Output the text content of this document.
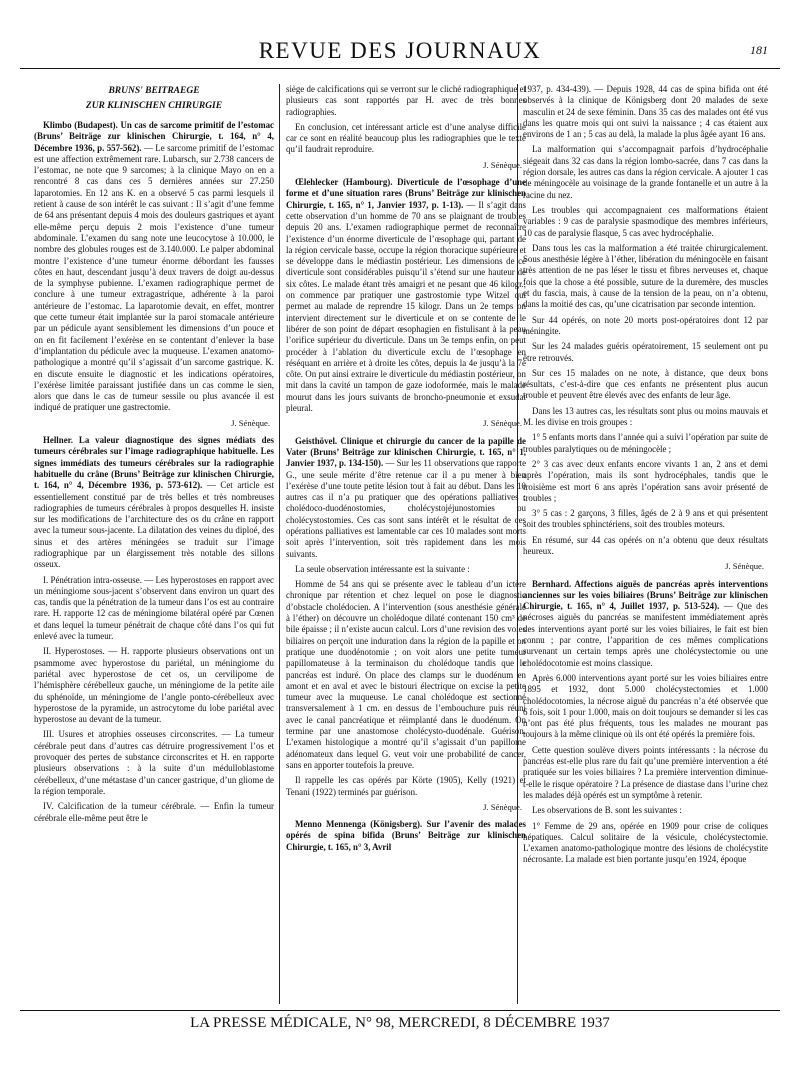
REVUE DES JOURNAUX	181
BRUNS' BEITRAEGE
ZUR KLINISCHEN CHIRURGIE

Klimbo (Budapest). Un cas de sarcome primitif de l’estomac (Bruns’ Beiträge zur klinischen Chirurgie, t. 164, n° 4, Décembre 1936, p. 557-562). — Le sarcome primitif de l’estomac est une affection extrêmement rare. Lubarsch, sur 2.738 cancers de l’estomac, ne note que 9 sarcomes; à la clinique Mayo on en a rencontré 8 cas dans ces 5 dernières années sur 27.250 laparotomies. En 12 ans K. en a observé 5 cas parmi lesquels il retient à cause de son intérêt le cas suivant : Il s’agit d’une femme de 64 ans présentant depuis 4 mois des douleurs gastriques et ayant elle-même perçu depuis 2 mois l’existence d’une tumeur abdominale. L’examen du sang note une leucocytose à 10.000, le nombre des globules rouges est de 3.140.000. Le palper abdominal montre l’existence d’une tumeur énorme débordant les fausses côtes en haut, descendant jusqu’à deux travers de doigt au-dessus de la symphyse pubienne. L’examen radiographique permet de conclure à une tumeur extragastrique, adhérente à la paroi antérieure de l’estomac. La laparotomie devait, en effet, montrer que cette tumeur était implantée sur la paroi stomacale antérieure par un pédicule ayant sensiblement les dimensions d’un pouce et on en fit facilement l’exérèse en se contentant d’enlever la base d’implantation du pédicule avec la muqueuse. L’examen anatomo-pathologique a montré qu’il s’agissait d’un sarcome gastrique. K. en discute ensuite le diagnostic et les indications opératoires, l’exérèse limitée paraissant justifiée dans un cas comme le sien, alors que dans le cas de tumeur sessile ou plus avancée il est indiqué de pratiquer une gastrectomie.

J. Sénèque.

Hellner. La valeur diagnostique des signes médiats des tumeurs cérébrales sur l’image radiographique habituelle. Les signes immédiats des tumeurs cérébrales sur la radiographie habituelle du crâne (Bruns’ Beiträge zur klinischen Chirurgie, t. 164, n° 4, Décembre 1936, p. 573-612). — Cet article est essentiellement constitué par de très belles et très nombreuses radiographies de tumeurs cérébrales à propos desquelles H. insiste sur les modifications de l’architecture des os du crâne en rapport avec la tumeur sous-jacente. La dilatation des veines du diploé, des sinus et des artères méningées se traduit sur l’image radiographique par un élargissement très notable des sillons osseux.

I. Pénétration intra-osseuse. — Les hyperostoses en rapport avec un méningiome sous-jacent s’observent dans environ un quart des cas, tandis que la pénétration de la tumeur dans l’os est au contraire rare. H. rapporte 12 cas de méningiome bilatéral opéré par Cœnen et dans lequel la tumeur pénétrait de chaque côté dans l’os qui fut enlevé avec la tumeur.

II. Hyperostoses. — H. rapporte plusieurs observations ont un psammome avec hyperostose du pariétal, un méningiome du pariétal avec hyperostose de cet os, un cervilipome de l’hémisphère cérébelleux gauche, un méningiome de la petite aile du sphénoïde, un méningiome de l’angle ponto-cérébelleux avec hyperostose de la pyramide, un astrocytome du lobe pariétal avec hyperostose au devant de la tumeur.

III. Usures et atrophies osseuses circonscrites. — La tumeur cérébrale peut dans d’autres cas détruire progressivement l’os et provoquer des pertes de substance circonscrites et H. en rapporte plusieurs observations : à la suite d’un médulloblastome cérébelleux, d’une métastase d’un cancer gastrique, d’un gliome de la région temporale.

IV. Calcification de la tumeur cérébrale. — Enfin la tumeur cérébrale elle-même peut être le

siège de calcifications qui se verront sur le cliché radiographique et plusieurs cas sont rapportés par H. avec de très bonnes radiographies.

En conclusion, cet intéressant article est d’une analyse difficile car ce sont en réalité beaucoup plus les radiographies que le texte qu’il faudrait reproduire.

J. Sénèque.

Œlehlecker (Hambourg). Diverticule de l’œsophage d’une forme et d’une situation rares (Bruns’ Beiträge zur klinischen Chirurgie, t. 165, n° 1, Janvier 1937, p. 1-13). — Il s’agit dans cette observation d’un homme de 70 ans se plaignant de troubles depuis 20 ans. L’examen radiographique permet de reconnaître l’existence d’un énorme diverticule de l’œsophage qui, partant de la région cervicale basse, occupe la région thoracique supérieure et se développe dans le médiastin postérieur. Les dimensions de ce diverticule sont considérables puisqu’il s’étend sur une hauteur de six côtes. Le malade étant très amaigri et ne pesant que 46 kilogr., on commence par pratiquer une gastrostomie type Witzel qui permet au malade de reprendre 15 kilogr. Dans un 2e temps on intervient directement sur le diverticule et on se contente de le libérer de son point de départ œsophagien en fistulisant à la peau l’orifice supérieur du diverticule. Dans un 3e temps enfin, on peut procéder à l’ablation du diverticule exclu de l’œsophage en réséquant en arrière et à droite les côtes, depuis la 4e jusqu’à la 7e côte. On put ainsi extraire le diverticule du médiastin postérieur, on mit dans la cavité un tampon de gaze iodoformée, mais le malade mourut dans les jours suivants de broncho-pneumonie et exsudat pleural.

J. Sénèque.

Geisthövel. Clinique et chirurgie du cancer de la papille de Vater (Bruns’ Beiträge zur klinischen Chirurgie, t. 165, n° 1, Janvier 1937, p. 134-150). — Sur les 11 observations que rapporte G., une seule mérite d’être retenue car il a pu mener à bien l’exérèse d’une toute petite lésion tout à fait au début. Dans les 10 autres cas il n’a pu pratiquer que des opérations palliatives : cholédoco-duodénostomies, cholécystojéjunostomies ou cholécystostomies. Ces cas sont sans intérêt et le résultat de ces opérations palliatives est lamentable car ces 10 malades sont morts soit après l’intervention, soit très rapidement dans les mois suivants.

La seule observation intéressante est la suivante :

Homme de 54 ans qui se présente avec le tableau d’un ictère chronique par rétention et chez lequel on pose le diagnostic d’obstacle cholédocien. A l’intervention (sous anesthésie générale à l’éther) on découvre un cholédoque dilaté contenant 150 cm³ de bile épaisse ; il n’existe aucun calcul. Lors d’une revision des voies biliaires on perçoit une induration dans la région de la papille et on pratique une duodénotomie ; on voit alors une petite tumeur papillomateuse à la terminaison du cholédoque tandis que le pancréas est induré. On place des clamps sur le duodénum en amont et en aval et avec le bistouri électrique on excise la petite tumeur avec la muqueuse. Le canal cholédoque est sectionné transversalement à 1 cm. en dessus de l’embouchure puis réuni avec le canal pancréatique et réimplanté dans le duodénum. On termine par une anastomose cholécysto-duodénale. Guérison. L’examen histologique a montré qu’il s’agissait d’un papillome adénomateux dans lequel G. veut voir une probabilité de cancer, sans en apporter toutefois la preuve.

Il rappelle les cas opérés par Körte (1905), Kelly (1921) et Tenani (1922) terminés par guérison.

J. Sénèque.

Menno Mennenga (Königsberg). Sur l’avenir des malades opérés de spina bifida (Bruns’ Beiträge zur klinischen Chirurgie, t. 165, n° 3, Avril

1937, p. 434-439). — Depuis 1928, 44 cas de spina bifida ont été observés à la clinique de Königsberg dont 20 malades de sexe masculin et 24 de sexe féminin. Dans 35 cas des malades ont été vus dans les quatre mois qui ont suivi la naissance ; 4 cas étaient aux environs de 1 an ; 5 cas au delà, la malade la plus âgée ayant 16 ans.

La malformation qui s’accompagnait parfois d’hydrocéphalie siégeait dans 32 cas dans la région lombo-sacrée, dans 7 cas dans la région dorsale, les autres cas dans la région cervicale. A ajouter 1 cas de méningocèle au voisinage de la grande fontanelle et un autre à la racine du nez.

Les troubles qui accompagnaient ces malformations étaient variables : 9 cas de paralysie spasmodique des membres inférieurs, 10 cas de paralysie flasque, 5 cas avec hydrocéphalie.

Dans tous les cas la malformation a été traitée chirurgicalement. Sous anesthésie légère à l’éther, libération du méningocèle en faisant très attention de ne pas léser le tissu et fibres nerveuses et, chaque fois que la chose a été possible, suture de la duremère, des muscles et du fascia, mais, à cause de la tension de la peau, on n’a obtenu, dans la moitié des cas, qu’une cicatrisation par seconde intention.

Sur 44 opérés, on note 20 morts post-opératoires dont 12 par méningite.

Sur les 24 malades guéris opératoirement, 15 seulement ont pu être retrouvés.

Sur ces 15 malades on ne note, à distance, que deux bons résultats, c’est-à-dire que ces enfants ne présentent plus aucun trouble et peuvent être élevés avec des enfants de leur âge.

Dans les 13 autres cas, les résultats sont plus ou moins mauvais et M. les divise en trois groupes :

1° 5 enfants morts dans l’année qui a suivi l’opération par suite de troubles paralytiques ou de méningocèle ;

2° 3 cas avec deux enfants encore vivants 1 an, 2 ans et demi après l’opération, mais ils sont hydrocéphales, tandis que le troisième est mort 6 ans après l’opération sans avoir présenté de troubles ;

3° 5 cas : 2 garçons, 3 filles, âgés de 2 à 9 ans et qui présentent soit des troubles sphinctériens, soit des troubles moteurs.

En résumé, sur 44 cas opérés on n’a obtenu que deux résultats heureux.

J. Sénèque.

Bernhard. Affections aiguës de pancréas après interventions anciennes sur les voies biliaires (Bruns’ Beiträge zur klinischen Chirurgie, t. 165, n° 4, Juillet 1937, p. 513-524). — Que des nécroses aiguës du pancréas se manifestent immédiatement après des interventions ayant porté sur les voies biliaires, le fait est bien connu ; par contre, l’apparition de ces mêmes complications survenant un certain temps après une cholécystectomie ou une cholédocotomie est moins classique.

Après 6.000 interventions ayant porté sur les voies biliaires entre 1895 et 1932, dont 5.000 cholécystectomies et 1.000 cholédocotomies, la nécrose aiguë du pancréas n’a été observée que 6 fois, soit 1 pour 1.000, mais on doit toujours se demander si les cas n’ont pas été plus fréquents, tous les malades ne mourant pas toujours à la même clinique où ils ont été opérés la première fois.

Cette question soulève divers points intéressants : la nécrose du pancréas est-elle plus rare du fait qu’une première intervention a été pratiquée sur les voies biliaires ? La première intervention diminue-t-elle le risque opératoire ? La présence de diastase dans l’urine chez les malades déjà opérés est un symptôme à retenir.

Les observations de B. sont les suivantes :

1° Femme de 29 ans, opérée en 1909 pour crise de coliques hépatiques. Calcul solitaire de la vésicule, cholécystectomie. L’examen anatomo-pathologique montre des lésions de cholécystite nécrosante. La malade est bien portante jusqu’en 1924, époque

LA PRESSE MÉDICALE, N° 98, MERCREDI, 8 DÉCEMBRE 1937
